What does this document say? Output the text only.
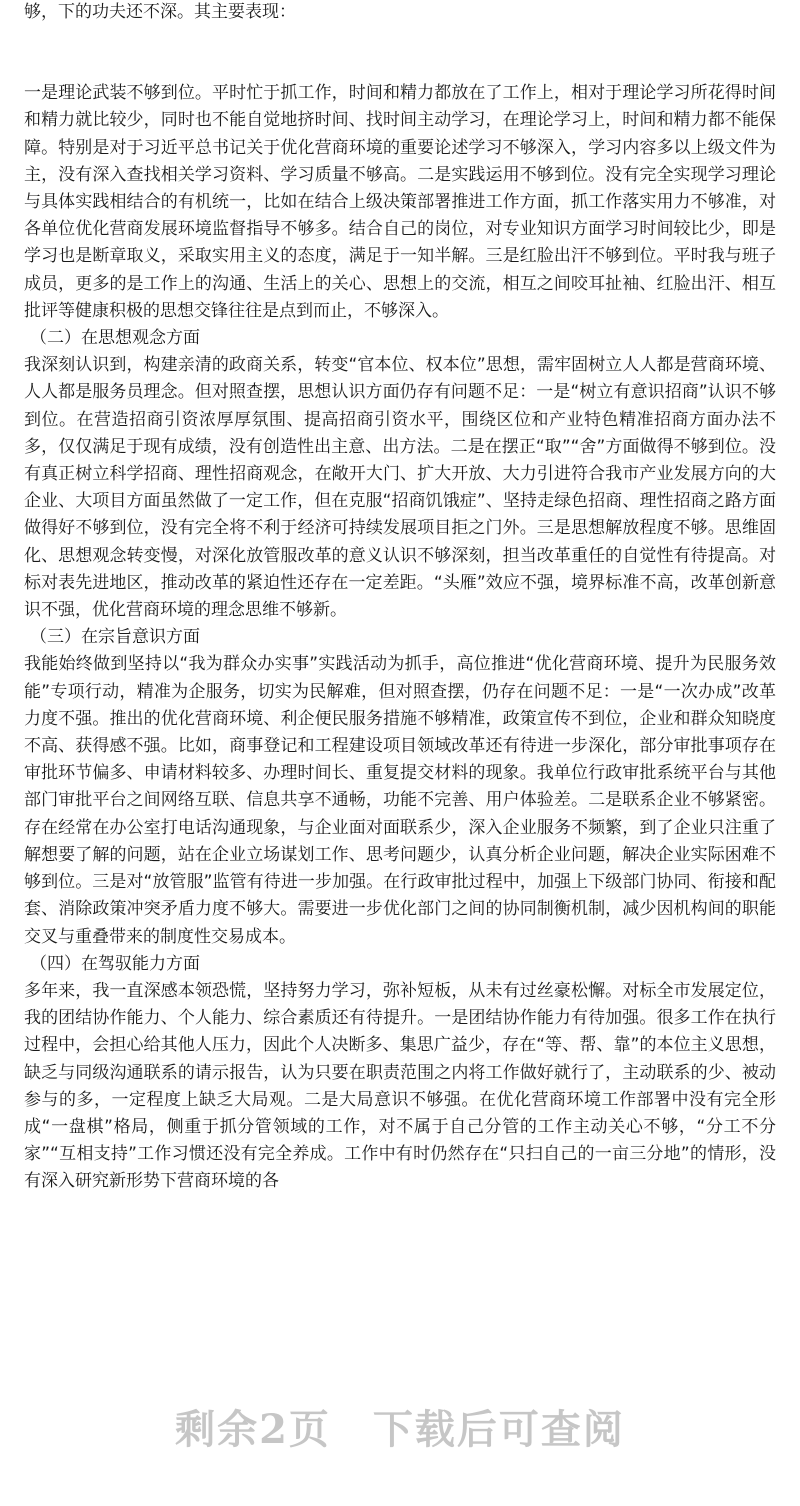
够，下的功夫还不深。其主要表现：

一是理论武装不够到位。平时忙于抓工作，时间和精力都放在了工作上，相对于理论学习所花得时间和精力就比较少，同时也不能自觉地挤时间、找时间主动学习，在理论学习上，时间和精力都不能保障。特别是对于习近平总书记关于优化营商环境的重要论述学习不够深入，学习内容多以上级文件为主，没有深入查找相关学习资料、学习质量不够高。二是实践运用不够到位。没有完全实现学习理论与具体实践相结合的有机统一，比如在结合上级决策部署推进工作方面，抓工作落实用力不够准，对各单位优化营商发展环境监督指导不够多。结合自己的岗位，对专业知识方面学习时间较比少，即是学习也是断章取义，采取实用主义的态度，满足于一知半解。三是红脸出汗不够到位。平时我与班子成员，更多的是工作上的沟通、生活上的关心、思想上的交流，相互之间咬耳扯袖、红脸出汗、相互批评等健康积极的思想交锋往往是点到而止，不够深入。

（二）在思想观念方面

我深刻认识到，构建亲清的政商关系，转变“官本位、权本位”思想，需牢固树立人人都是营商环境、人人都是服务员理念。但对照查摆，思想认识方面仍存有问题不足：一是“树立有意识招商”认识不够到位。在营造招商引资浓厚厚氛围、提高招商引资水平，围绕区位和产业特色精准招商方面办法不多，仅仅满足于现有成绩，没有创造性出主意、出方法。二是在摆正“取”“舍”方面做得不够到位。没有真正树立科学招商、理性招商观念，在敞开大门、扩大开放、大力引进符合我市产业发展方向的大企业、大项目方面虽然做了一定工作，但在克服“招商饥饿症”、坚持走绿色招商、理性招商之路方面做得好不够到位，没有完全将不利于经济可持续发展项目拒之门外。三是思想解放程度不够。思维固化、思想观念转变慢，对深化放管服改革的意义认识不够深刻，担当改革重任的自觉性有待提高。对标对表先进地区，推动改革的紧迫性还存在一定差距。“头雁”效应不强，境界标准不高，改革创新意识不强，优化营商环境的理念思维不够新。

（三）在宗旨意识方面

我能始终做到坚持以“我为群众办实事”实践活动为抓手，高位推进“优化营商环境、提升为民服务效能”专项行动，精准为企服务，切实为民解难，但对照查摆，仍存在问题不足：一是“一次办成”改革力度不强。推出的优化营商环境、利企便民服务措施不够精准，政策宣传不到位，企业和群众知晓度不高、获得感不强。比如，商事登记和工程建设项目领域改革还有待进一步深化，部分审批事项存在审批环节偏多、申请材料较多、办理时间长、重复提交材料的现象。我单位行政审批系统平台与其他部门审批平台之间网络互联、信息共享不通畅，功能不完善、用户体验差。二是联系企业不够紧密。存在经常在办公室打电话沟通现象，与企业面对面联系少，深入企业服务不频繁，到了企业只注重了解想要了解的问题，站在企业立场谋划工作、思考问题少，认真分析企业问题，解决企业实际困难不够到位。三是对“放管服”监管有待进一步加强。在行政审批过程中，加强上下级部门协同、衔接和配套、消除政策冲突矛盾力度不够大。需要进一步优化部门之间的协同制衡机制，减少因机构间的职能交叉与重叠带来的制度性交易成本。

（四）在驾驭能力方面

多年来，我一直深感本领恐慌，坚持努力学习，弥补短板，从未有过丝豪松懈。对标全市发展定位，我的团结协作能力、个人能力、综合素质还有待提升。一是团结协作能力有待加强。很多工作在执行过程中，会担心给其他人压力，因此个人决断多、集思广益少，存在“等、帮、靠”的本位主义思想，缺乏与同级沟通联系的请示报告，认为只要在职责范围之内将工作做好就行了，主动联系的少、被动参与的多，一定程度上缺乏大局观。二是大局意识不够强。在优化营商环境工作部署中没有完全形成“一盘棋”格局，侧重于抓分管领域的工作，对不属于自己分管的工作主动关心不够，“分工不分家”“互相支持”工作习惯还没有完全养成。工作中有时仍然存在“只扫自己的一亩三分地”的情形，没有深入研究新形势下营商环境的各

剩余2页 下载后可查阅
